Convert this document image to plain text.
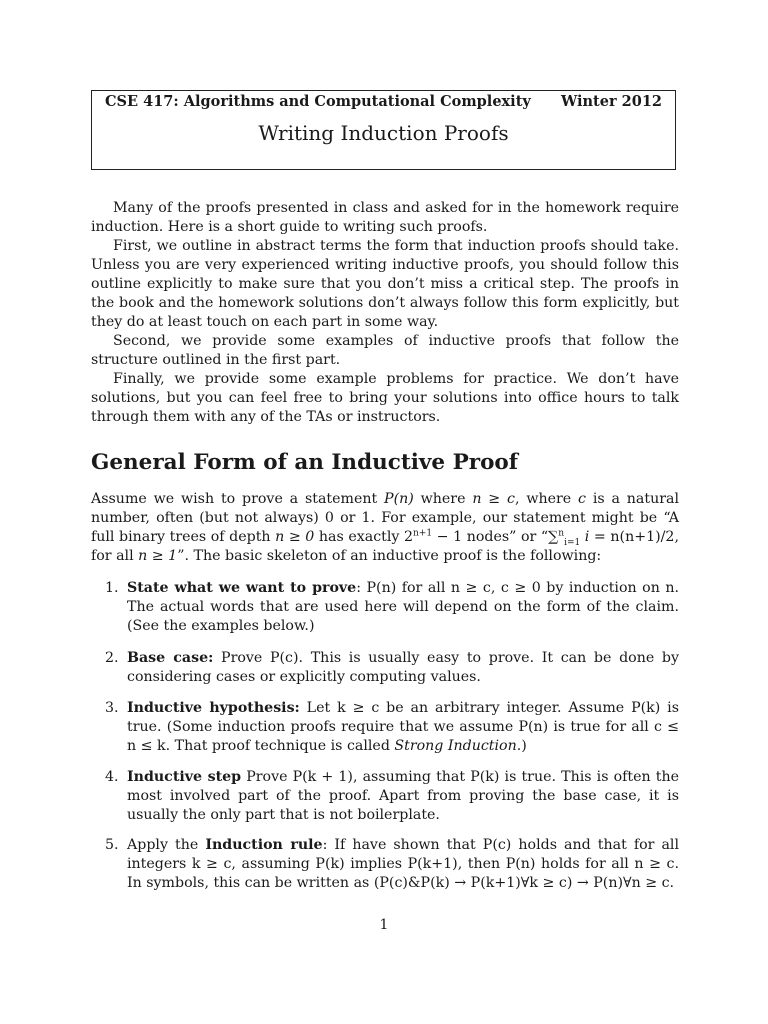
CSE 417: Algorithms and Computational Complexity Winter 2012
Writing Induction Proofs

Many of the proofs presented in class and asked for in the homework require induction. Here is a short guide to writing such proofs.

First, we outline in abstract terms the form that induction proofs should take. Unless you are very experienced writing inductive proofs, you should follow this outline explicitly to make sure that you don’t miss a critical step. The proofs in the book and the homework solutions don’t always follow this form explicitly, but they do at least touch on each part in some way.

Second, we provide some examples of inductive proofs that follow the structure outlined in the first part.

Finally, we provide some example problems for practice. We don’t have solutions, but you can feel free to bring your solutions into office hours to talk through them with any of the TAs or instructors.

General Form of an Inductive Proof

Assume we wish to prove a statement P(n) where n ≥ c, where c is a natural number, often (but not always) 0 or 1. For example, our statement might be “A full binary trees of depth n ≥ 0 has exactly $2^{n+1} - 1$ nodes” or “∑$^n_{i=1}$ i = n(n+1)/2, for all n ≥ 1”. The basic skeleton of an inductive proof is the following:

1. State what we want to prove: P(n) for all n ≥ c, c ≥ 0 by induction on n. The actual words that are used here will depend on the form of the claim. (See the examples below.)
2. Base case: Prove P(c). This is usually easy to prove. It can be done by considering cases or explicitly computing values.
3. Inductive hypothesis: Let k ≥ c be an arbitrary integer. Assume P(k) is true. (Some induction proofs require that we assume P(n) is true for all c ≤ n ≤ k. That proof technique is called Strong Induction.)
4. Inductive step Prove P(k + 1), assuming that P(k) is true. This is often the most involved part of the proof. Apart from proving the base case, it is usually the only part that is not boilerplate.
5. Apply the Induction rule: If have shown that P(c) holds and that for all integers k ≥ c, assuming P(k) implies P(k+1), then P(n) holds for all n ≥ c. In symbols, this can be written as (P(c)&P(k) → P(k+1)∀k ≥ c) → P(n)∀n ≥ c.
1
